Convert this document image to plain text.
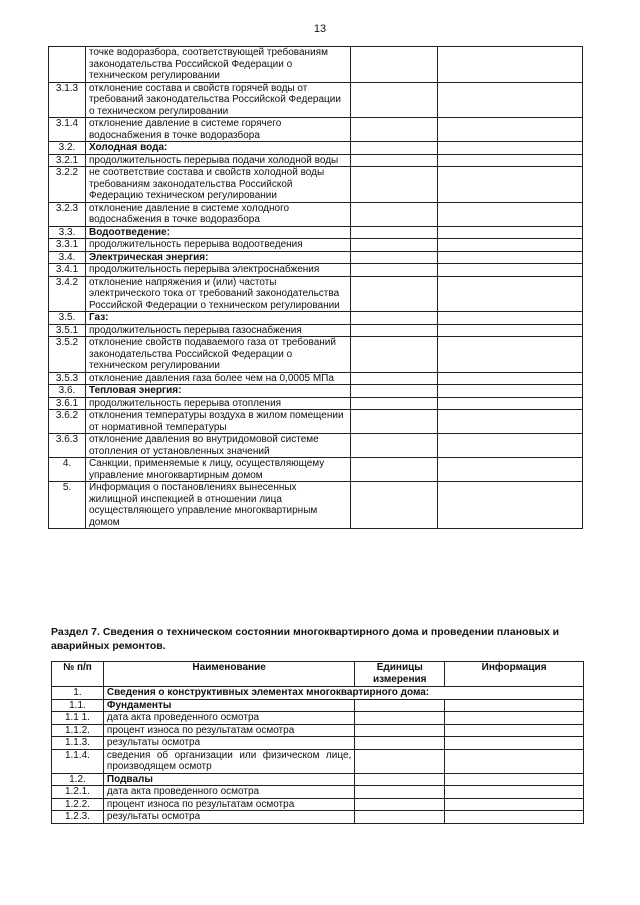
13
	точке водоразбора, соответствующей требованиям законодательства Российской Федерации о техническом регулировании		
3.1.3	отклонение состава и свойств горячей воды от требований законодательства Российской Федерации о техническом регулировании		
3.1.4	отклонение давление в системе горячего водоснабжения в точке водоразбора		
3.2.	Холодная вода:		
3.2.1	продолжительность перерыва подачи холодной воды		
3.2.2	не соответствие состава и свойств холодной воды требованиям законодательства Российской Федерацию техническом регулировании		
3.2.3	отклонение давление в системе холодного водоснабжения в точке водоразбора		
3.3.	Водоотведение:		
3.3.1	продолжительность перерыва водоотведения		
3.4.	Электрическая энергия:		
3.4.1	продолжительность перерыва электроснабжения		
3.4.2	отклонение напряжения и (или) частоты электрического тока от требований законодательства Российской Федерации о техническом регулировании		
3.5.	Газ:		
3.5.1	продолжительность перерыва газоснабжения		
3.5.2	отклонение свойств подаваемого газа от требований законодательства Российской Федерации о техническом регулировании		
3.5.3	отклонение давления газа более чем на 0,0005 МПа		
3.6.	Тепловая энергия:		
3.6.1	продолжительность перерыва отопления		
3.6.2	отклонения температуры воздуха в жилом помещении от нормативной температуры		
3.6.3	отклонение давления во внутридомовой системе отопления от установленных значений		
4.	Санкции, применяемые к лицу, осуществляющему управление многоквартирным домом		
5.	Информация о постановлениях вынесенных жилищной инспекцией в отношении лица осуществляющего управление многоквартирным домом		
Раздел 7. Сведения о техническом состоянии многоквартирного дома и проведении плановых и аварийных ремонтов.
№ п/п	Наименование	Единицы измерения	Информация
1.	Сведения о конструктивных элементах многоквартирного дома:		
1.1.	Фундаменты		
1.1 1.	дата акта проведенного осмотра		
1.1.2.	процент износа по результатам осмотра		
1.1.3.	результаты осмотра		
1.1.4.	сведения об организации или физическом лице, производящем осмотр		
1.2.	Подвалы		
1.2.1.	дата акта проведенного осмотра		
1.2.2.	процент износа по результатам осмотра		
1.2.3.	результаты осмотра		
